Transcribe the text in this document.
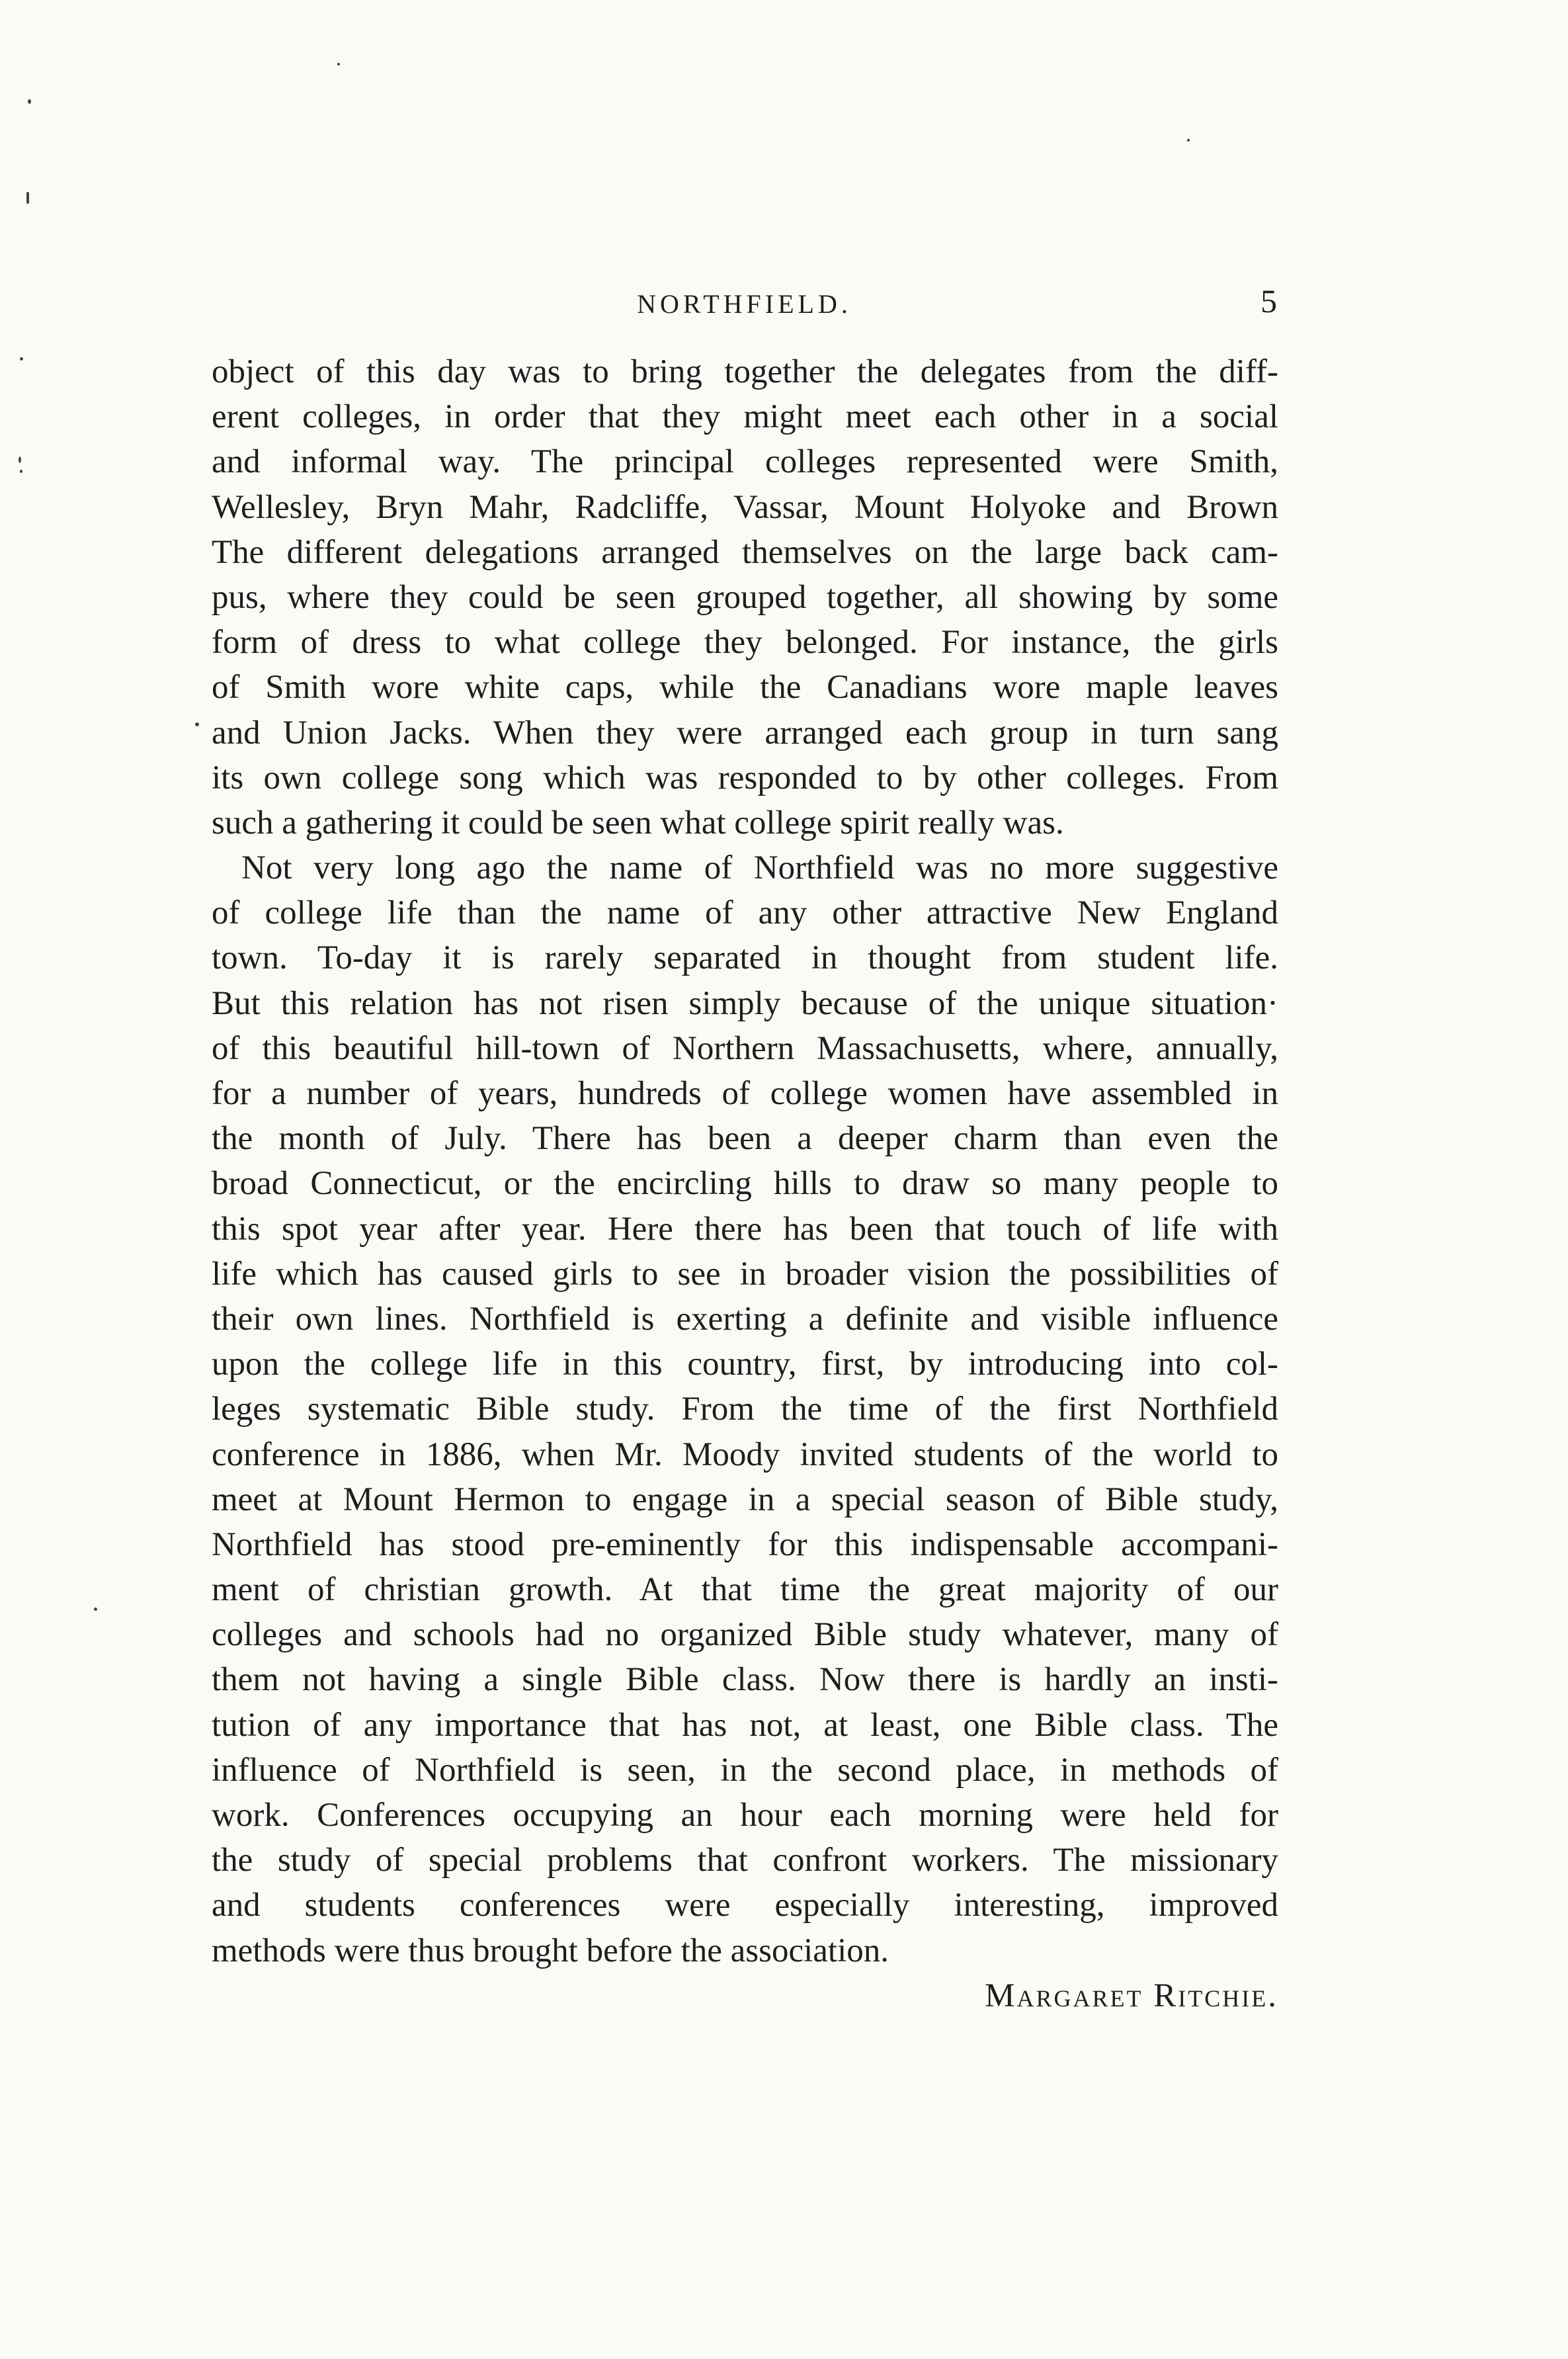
NORTHFIELD.	5
object of this day was to bring together the delegates from the diff-
erent colleges, in order that they might meet each other in a social
and informal way. The principal colleges represented were Smith,
Wellesley, Bryn Mahr, Radcliffe, Vassar, Mount Holyoke and Brown
The different delegations arranged themselves on the large back cam-
pus, where they could be seen grouped together, all showing by some
form of dress to what college they belonged. For instance, the girls
of Smith wore white caps, while the Canadians wore maple leaves
and Union Jacks. When they were arranged each group in turn sang
its own college song which was responded to by other colleges. From
such a gathering it could be seen what college spirit really was.
Not very long ago the name of Northfield was no more suggestive
of college life than the name of any other attractive New England
town. To-day it is rarely separated in thought from student life.
But this relation has not risen simply because of the unique situation·
of this beautiful hill-town of Northern Massachusetts, where, annually,
for a number of years, hundreds of college women have assembled in
the month of July. There has been a deeper charm than even the
broad Connecticut, or the encircling hills to draw so many people to
this spot year after year. Here there has been that touch of life with
life which has caused girls to see in broader vision the possibilities of
their own lines. Northfield is exerting a definite and visible influence
upon the college life in this country, first, by introducing into col-
leges systematic Bible study. From the time of the first Northfield
conference in 1886, when Mr. Moody invited students of the world to
meet at Mount Hermon to engage in a special season of Bible study,
Northfield has stood pre-eminently for this indispensable accompani-
ment of christian growth. At that time the great majority of our
colleges and schools had no organized Bible study whatever, many of
them not having a single Bible class. Now there is hardly an insti-
tution of any importance that has not, at least, one Bible class. The
influence of Northfield is seen, in the second place, in methods of
work. Conferences occupying an hour each morning were held for
the study of special problems that confront workers. The missionary
and students conferences were especially interesting, improved
methods were thus brought before the association.
Margaret Ritchie.
